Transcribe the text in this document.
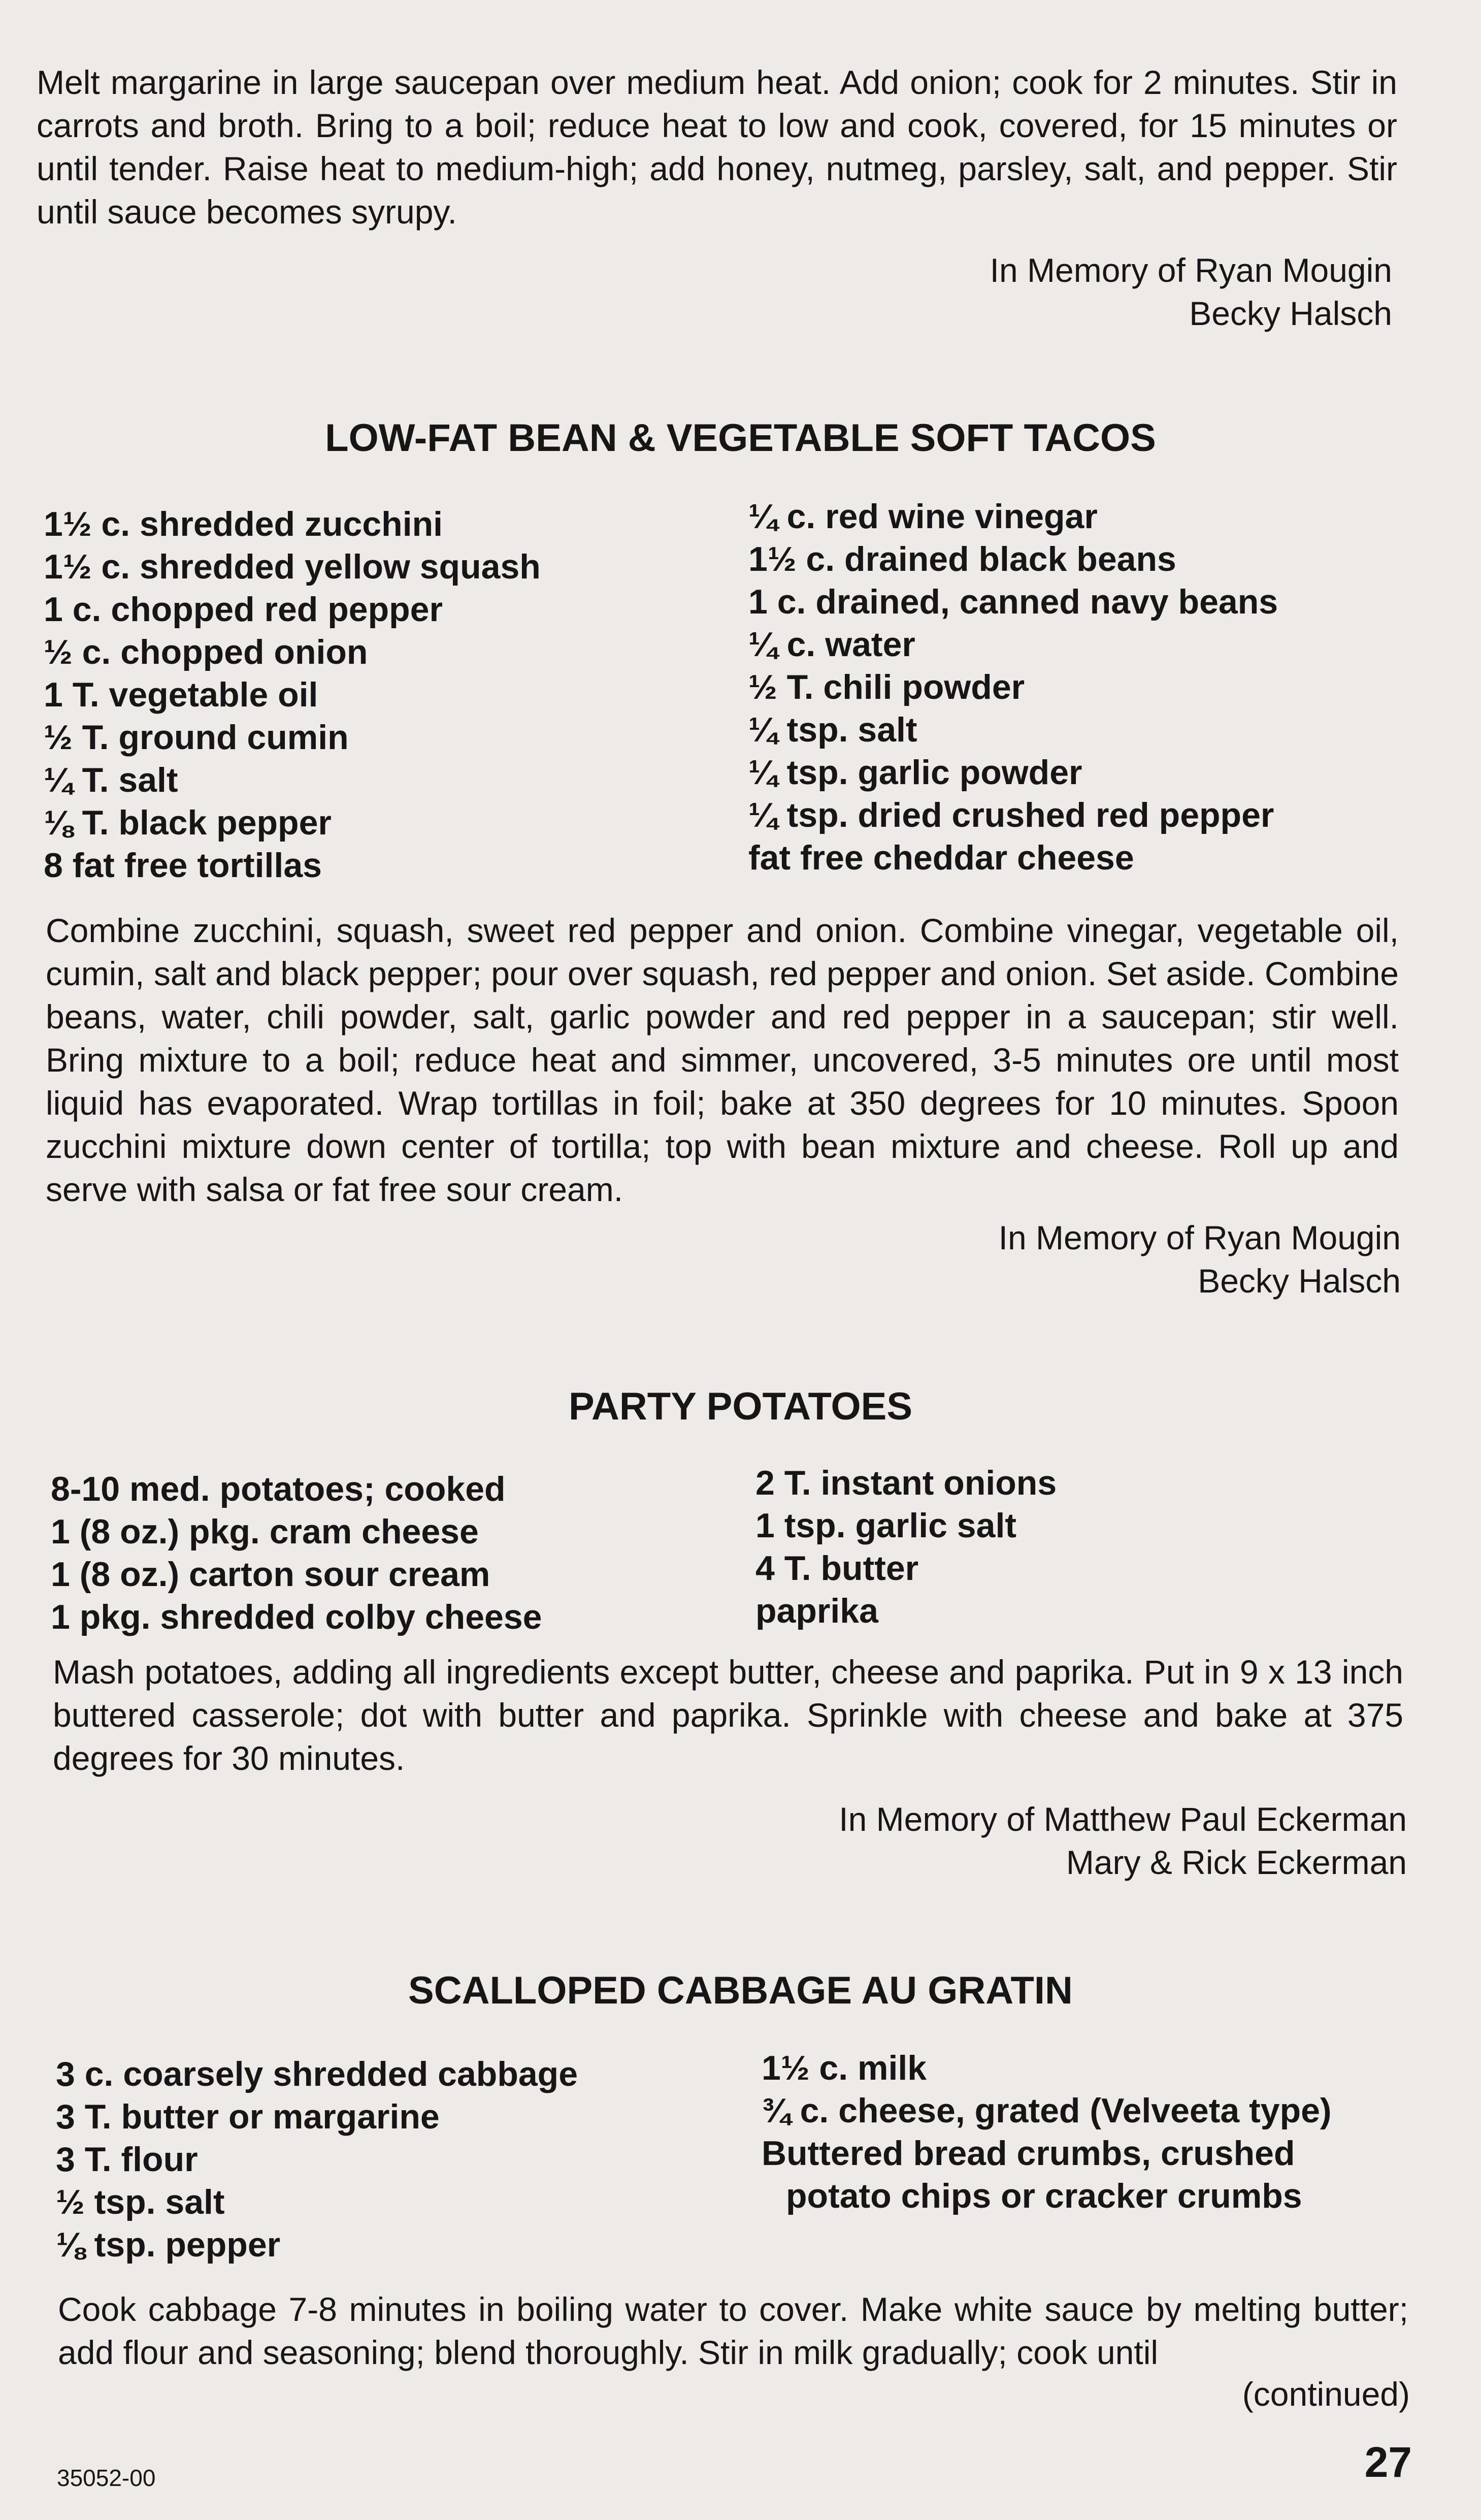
Melt margarine in large saucepan over medium heat. Add onion; cook for 2 minutes. Stir in carrots and broth. Bring to a boil; reduce heat to low and cook, covered, for 15 minutes or until tender. Raise heat to medium-high; add honey, nutmeg, parsley, salt, and pepper. Stir until sauce becomes syrupy.

In Memory of Ryan Mougin
Becky Halsch
LOW-FAT BEAN & VEGETABLE SOFT TACOS
1½ c. shredded zucchini
1½ c. shredded yellow squash
1 c. chopped red pepper
½ c. chopped onion
1 T. vegetable oil
½ T. ground cumin
¼ T. salt
⅛ T. black pepper
8 fat free tortillas
¼ c. red wine vinegar
1½ c. drained black beans
1 c. drained, canned navy beans
¼ c. water
½ T. chili powder
¼ tsp. salt
¼ tsp. garlic powder
¼ tsp. dried crushed red pepper
fat free cheddar cheese

Combine zucchini, squash, sweet red pepper and onion. Combine vinegar, vegetable oil, cumin, salt and black pepper; pour over squash, red pepper and onion. Set aside. Combine beans, water, chili powder, salt, garlic powder and red pepper in a saucepan; stir well. Bring mixture to a boil; reduce heat and simmer, uncovered, 3-5 minutes ore until most liquid has evaporated. Wrap tortillas in foil; bake at 350 degrees for 10 minutes. Spoon zucchini mixture down center of tortilla; top with bean mixture and cheese. Roll up and serve with salsa or fat free sour cream.

In Memory of Ryan Mougin
Becky Halsch
PARTY POTATOES
8-10 med. potatoes; cooked
1 (8 oz.) pkg. cram cheese
1 (8 oz.) carton sour cream
1 pkg. shredded colby cheese
2 T. instant onions
1 tsp. garlic salt
4 T. butter
paprika

Mash potatoes, adding all ingredients except butter, cheese and paprika. Put in 9 x 13 inch buttered casserole; dot with butter and paprika. Sprinkle with cheese and bake at 375 degrees for 30 minutes.

In Memory of Matthew Paul Eckerman
Mary & Rick Eckerman
SCALLOPED CABBAGE AU GRATIN
3 c. coarsely shredded cabbage
3 T. butter or margarine
3 T. flour
½ tsp. salt
⅛ tsp. pepper
1½ c. milk
¾ c. cheese, grated (Velveeta type)
Buttered bread crumbs, crushed
potato chips or cracker crumbs

Cook cabbage 7-8 minutes in boiling water to cover. Make white sauce by melting butter; add flour and seasoning; blend thoroughly. Stir in milk gradually; cook until

(continued)
35052-00	27
